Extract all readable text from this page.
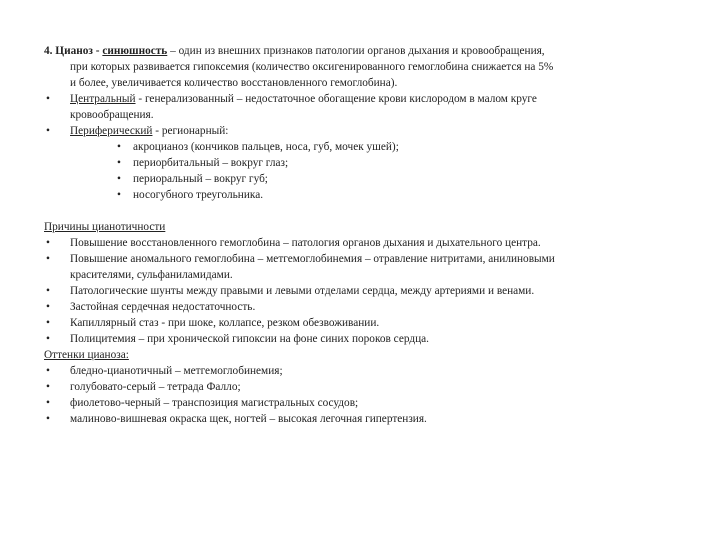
4. Цианоз - синюшность – один из внешних признаков патологии органов дыхания и кровообращения,
при которых развивается гипоксемия (количество оксигенированного гемоглобина снижается на 5%
и более, увеличивается количество восстановленного гемоглобина).
• Центральный - генерализованный – недостаточное обогащение крови кислородом в малом круге
кровообращения.
• Периферический - регионарный:
• акроцианоз (кончиков пальцев, носа, губ, мочек ушей);
• периорбитальный – вокруг глаз;
• периоральный – вокруг губ;
• носогубного треугольника.
Причины цианотичности
• Повышение восстановленного гемоглобина – патология органов дыхания и дыхательного центра.
• Повышение аномального гемоглобина – метгемоглобинемия – отравление нитритами, анилиновыми
красителями, сульфаниламидами.
• Патологические шунты между правыми и левыми отделами сердца, между артериями и венами.
• Застойная сердечная недостаточность.
• Капиллярный стаз - при шоке, коллапсе, резком обезвоживании.
• Полицитемия – при хронической гипоксии на фоне синих пороков сердца.
Оттенки цианоза:
• бледно-цианотичный – метгемоглобинемия;
• голубовато-серый – тетрада Фалло;
• фиолетово-черный – транспозиция магистральных сосудов;
• малиново-вишневая окраска щек, ногтей – высокая легочная гипертензия.
